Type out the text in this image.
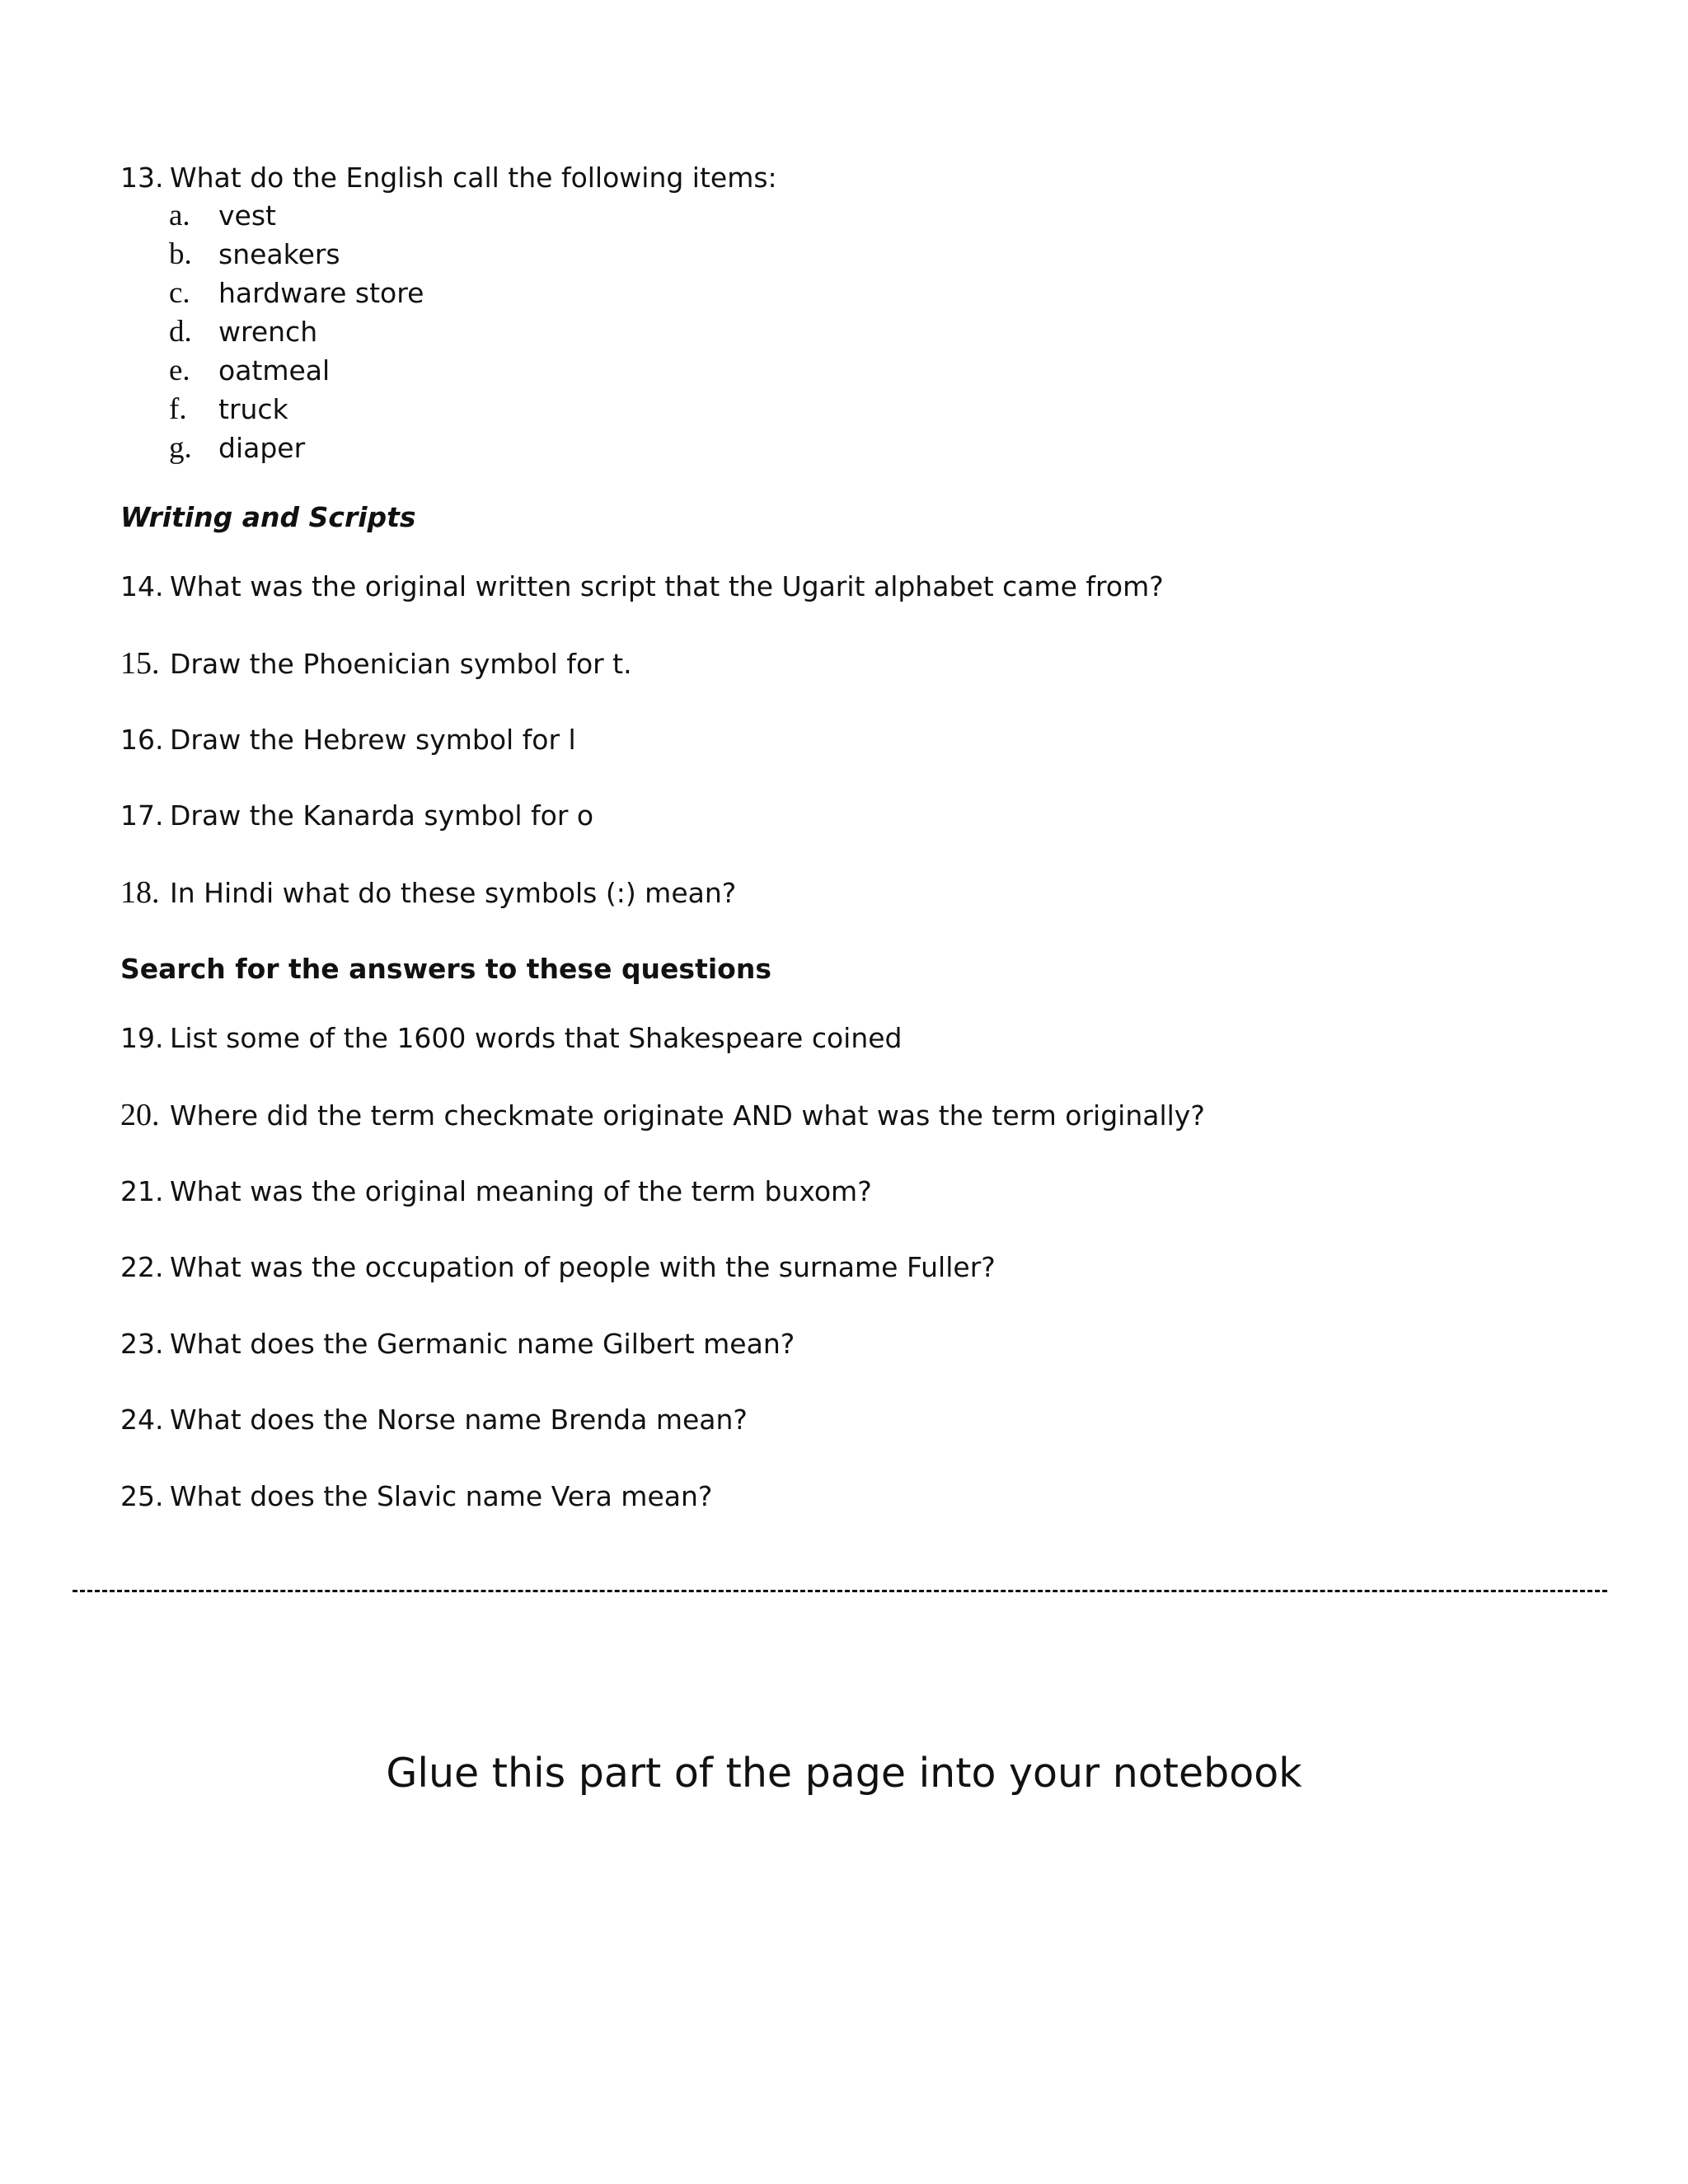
13. What do the English call the following items:
a. vest
b. sneakers
c. hardware store
d. wrench
e. oatmeal
f. truck
g. diaper
Writing and Scripts
14. What was the original written script that the Ugarit alphabet came from?
15. Draw the Phoenician symbol for t.
16. Draw the Hebrew symbol for l
17. Draw the Kanarda symbol for o
18. In Hindi what do these symbols (:) mean?
Search for the answers to these questions
19. List some of the 1600 words that Shakespeare coined
20. Where did the term checkmate originate AND what was the term originally?
21. What was the original meaning of the term buxom?
22. What was the occupation of people with the surname Fuller?
23. What does the Germanic name Gilbert mean?
24. What does the Norse name Brenda mean?
25. What does the Slavic name Vera mean?
Glue this part of the page into your notebook
